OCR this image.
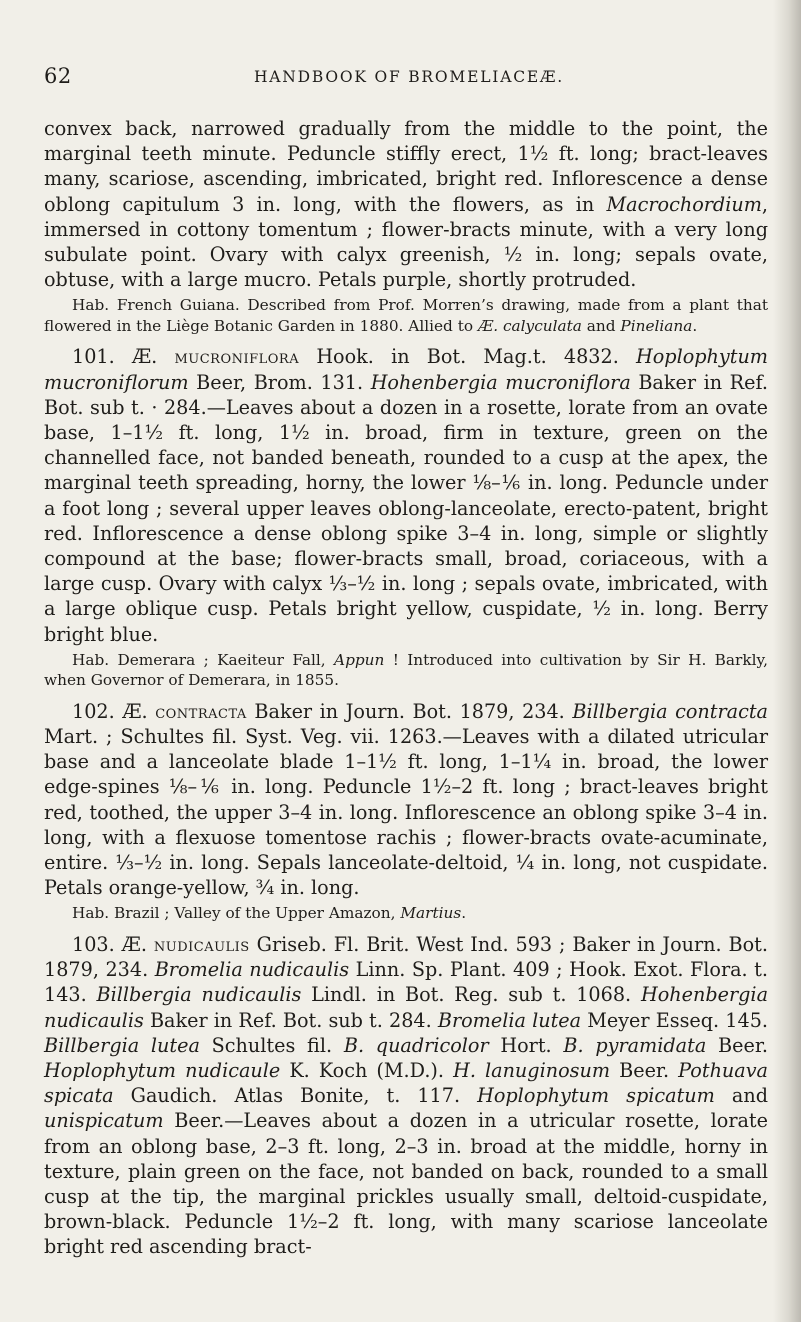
62	HANDBOOK OF BROMELIACEÆ.

convex back, narrowed gradually from the middle to the point, the marginal teeth minute. Peduncle stiffly erect, 1½ ft. long; bract-leaves many, scariose, ascending, imbricated, bright red. Inflorescence a dense oblong capitulum 3 in. long, with the flowers, as in Macrochordium, immersed in cottony tomentum ; flower-bracts minute, with a very long subulate point. Ovary with calyx greenish, ½ in. long; sepals ovate, obtuse, with a large mucro. Petals purple, shortly protruded.

Hab. French Guiana. Described from Prof. Morren’s drawing, made from a plant that flowered in the Liège Botanic Garden in 1880. Allied to Æ. calyculata and Pineliana.

101. Æ. mucroniflora Hook. in Bot. Mag.t. 4832. Hoplophytum mucroniflorum Beer, Brom. 131. Hohenbergia mucroniflora Baker in Ref. Bot. sub t. · 284.—Leaves about a dozen in a rosette, lorate from an ovate base, 1–1½ ft. long, 1½ in. broad, firm in texture, green on the channelled face, not banded beneath, rounded to a cusp at the apex, the marginal teeth spreading, horny, the lower ⅛–⅙ in. long. Peduncle under a foot long ; several upper leaves oblong-lanceolate, erecto-patent, bright red. Inflorescence a dense oblong spike 3–4 in. long, simple or slightly compound at the base; flower-bracts small, broad, coriaceous, with a large cusp. Ovary with calyx ⅓–½ in. long ; sepals ovate, imbricated, with a large oblique cusp. Petals bright yellow, cuspidate, ½ in. long. Berry bright blue.

Hab. Demerara ; Kaeiteur Fall, Appun ! Introduced into cultivation by Sir H. Barkly, when Governor of Demerara, in 1855.

102. Æ. contracta Baker in Journ. Bot. 1879, 234. Billbergia contracta Mart. ; Schultes fil. Syst. Veg. vii. 1263.—Leaves with a dilated utricular base and a lanceolate blade 1–1½ ft. long, 1–1¼ in. broad, the lower edge-spines ⅛–⅙ in. long. Peduncle 1½–2 ft. long ; bract-leaves bright red, toothed, the upper 3–4 in. long. Inflorescence an oblong spike 3–4 in. long, with a flexuose tomentose rachis ; flower-bracts ovate-acuminate, entire. ⅓–½ in. long. Sepals lanceolate-deltoid, ¼ in. long, not cuspidate. Petals orange-yellow, ¾ in. long.

Hab. Brazil ; Valley of the Upper Amazon, Martius.

103. Æ. nudicaulis Griseb. Fl. Brit. West Ind. 593 ; Baker in Journ. Bot. 1879, 234. Bromelia nudicaulis Linn. Sp. Plant. 409 ; Hook. Exot. Flora. t. 143. Billbergia nudicaulis Lindl. in Bot. Reg. sub t. 1068. Hohenbergia nudicaulis Baker in Ref. Bot. sub t. 284. Bromelia lutea Meyer Esseq. 145. Billbergia lutea Schultes fil. B. quadricolor Hort. B. pyramidata Beer. Hoplophytum nudicaule K. Koch (M.D.). H. lanuginosum Beer. Pothuava spicata Gaudich. Atlas Bonite, t. 117. Hoplophytum spicatum and unispicatum Beer.—Leaves about a dozen in a utricular rosette, lorate from an oblong base, 2–3 ft. long, 2–3 in. broad at the middle, horny in texture, plain green on the face, not banded on back, rounded to a small cusp at the tip, the marginal prickles usually small, deltoid-cuspidate, brown-black. Peduncle 1½–2 ft. long, with many scariose lanceolate bright red ascending bract-
